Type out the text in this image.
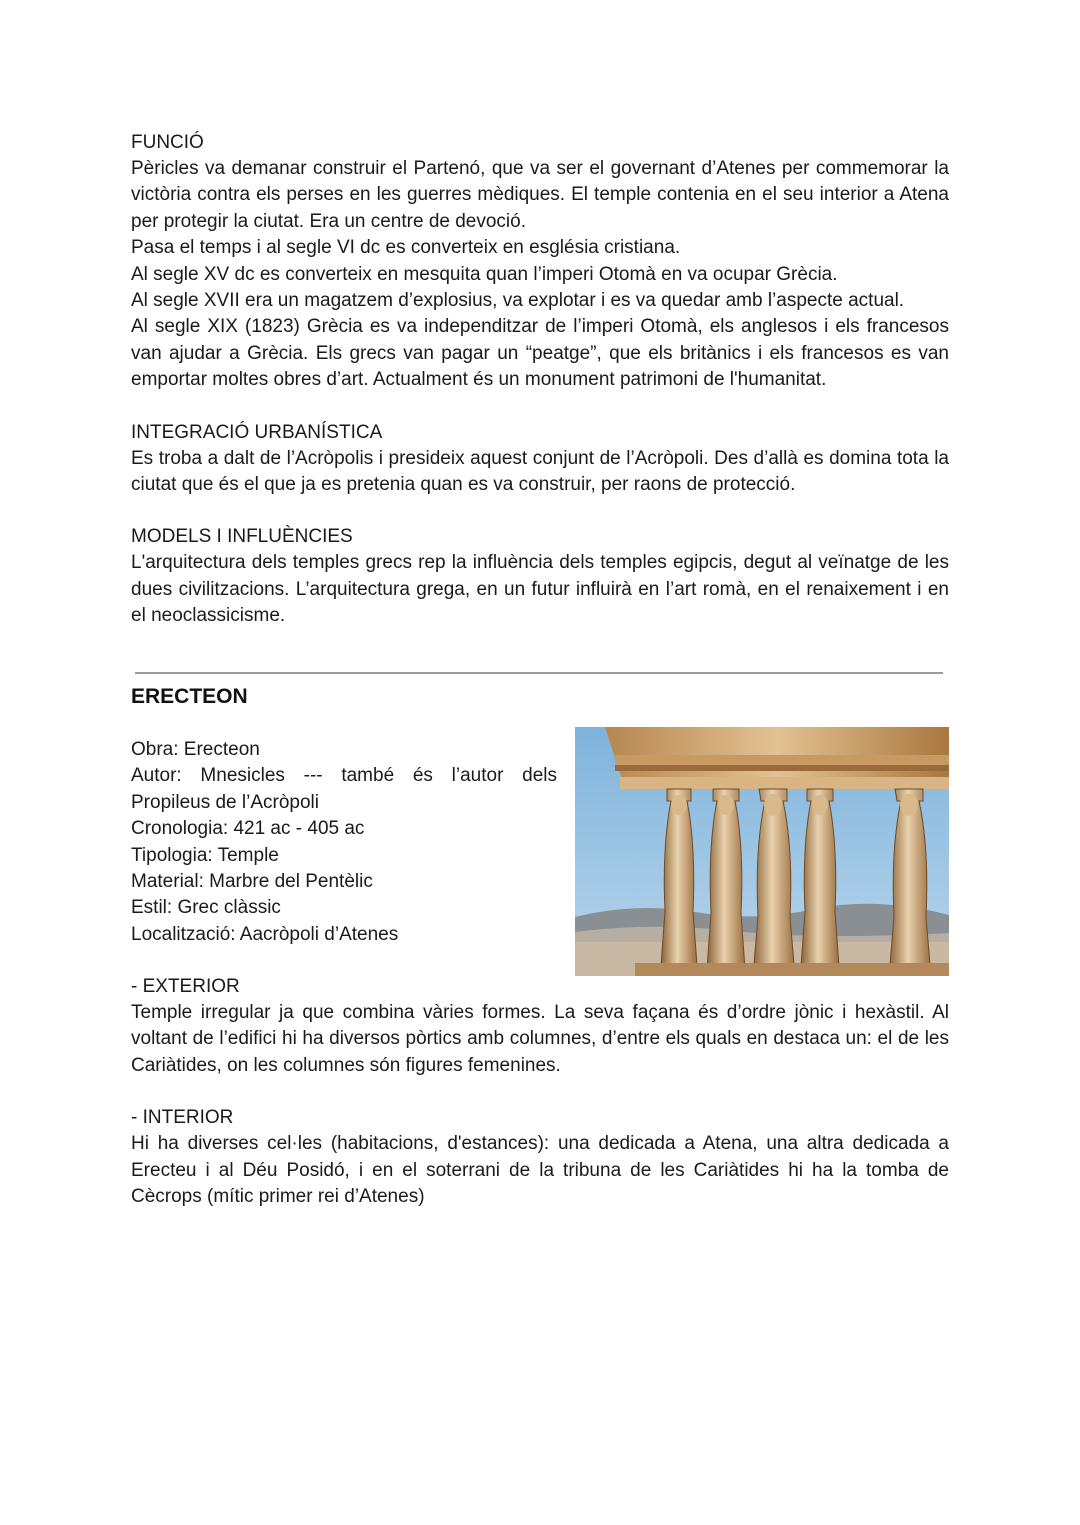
FUNCIÓ

Pèricles va demanar construir el Partenó, que va ser el governant d’Atenes per commemorar la victòria contra els perses en les guerres mèdiques. El temple contenia en el seu interior a Atena per protegir la ciutat. Era un centre de devoció.

Pasa el temps i al segle VI dc es converteix en església cristiana.

Al segle XV dc es converteix en mesquita quan l’imperi Otomà en va ocupar Grècia.

Al segle XVII era un magatzem d’explosius, va explotar i es va quedar amb l’aspecte actual.

Al segle XIX (1823) Grècia es va independitzar de l’imperi Otomà, els anglesos i els francesos van ajudar a Grècia. Els grecs van pagar un “peatge”, que els britànics i els francesos es van emportar moltes obres d’art. Actualment és un monument patrimoni de l'humanitat.

INTEGRACIÓ URBANÍSTICA

Es troba a dalt de l’Acròpolis i presideix aquest conjunt de l’Acròpoli. Des d’allà es domina tota la ciutat que és el que ja es pretenia quan es va construir, per raons de protecció.

MODELS I INFLUÈNCIES

L'arquitectura dels temples grecs rep la influència dels temples egipcis, degut al veïnatge de les dues civilitzacions. L’arquitectura grega, en un futur influirà en l’art romà, en el renaixement i en el neoclassicisme.

ERECTEON

Obra: Erecteon

Autor: Mnesicles --- també és l’autor dels Propileus de l’Acròpoli

Cronologia: 421 ac - 405 ac

Tipologia: Temple

Material: Marbre del Pentèlic

Estil: Grec clàssic

Localització: Aacròpoli d’Atenes

- EXTERIOR

Temple irregular ja que combina vàries formes. La seva façana és d’ordre jònic i hexàstil. Al voltant de l’edifici hi ha diversos pòrtics amb columnes, d’entre els quals en destaca un: el de les Cariàtides, on les columnes són figures femenines.

- INTERIOR

Hi ha diverses cel·les (habitacions, d'estances): una dedicada a Atena, una altra dedicada a Erecteu i al Déu Posidó, i en el soterrani de la tribuna de les Cariàtides hi ha la tomba de Cècrops (mític primer rei d’Atenes)
